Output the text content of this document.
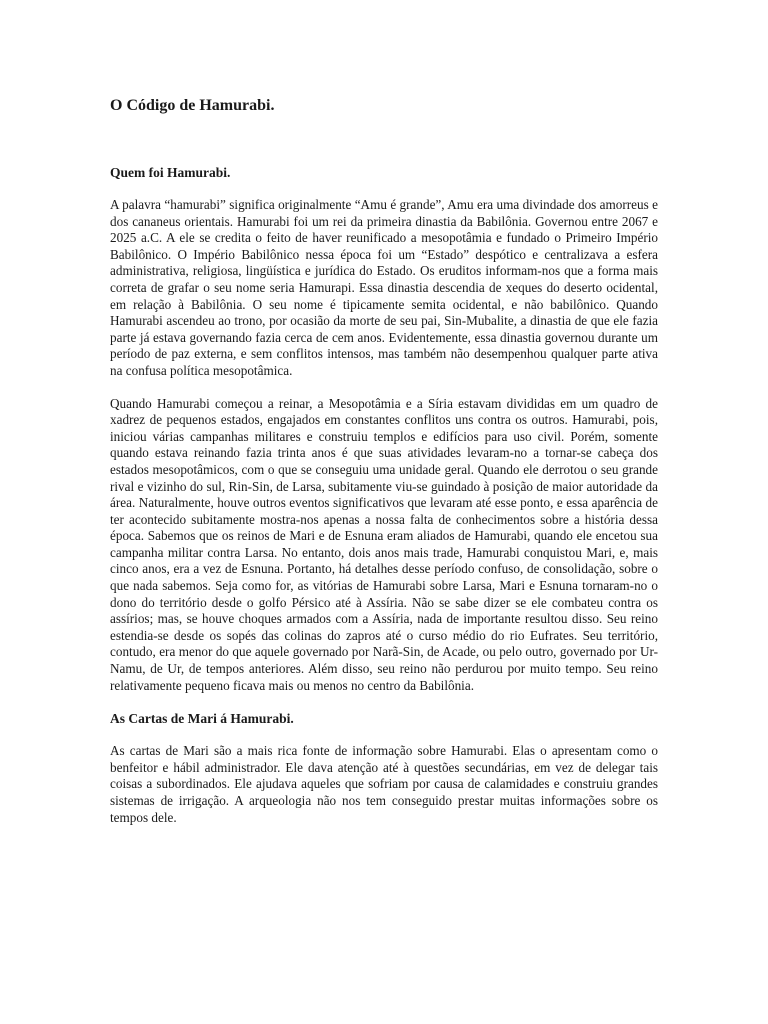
O Código de Hamurabi.
Quem foi Hamurabi.

A palavra “hamurabi” significa originalmente “Amu é grande”, Amu era uma divindade dos amorreus e dos cananeus orientais. Hamurabi foi um rei da primeira dinastia da Babilônia. Governou entre 2067 e 2025 a.C. A ele se credita o feito de haver reunificado a mesopotâmia e fundado o Primeiro Império Babilônico. O Império Babilônico nessa época foi um “Estado” despótico e centralizava a esfera administrativa, religiosa, lingüística e jurídica do Estado. Os eruditos informam-nos que a forma mais correta de grafar o seu nome seria Hamurapi. Essa dinastia descendia de xeques do deserto ocidental, em relação à Babilônia. O seu nome é tipicamente semita ocidental, e não babilônico. Quando Hamurabi ascendeu ao trono, por ocasião da morte de seu pai, Sin-Mubalite, a dinastia de que ele fazia parte já estava governando fazia cerca de cem anos. Evidentemente, essa dinastia governou durante um período de paz externa, e sem conflitos intensos, mas também não desempenhou qualquer parte ativa na confusa política mesopotâmica.

Quando Hamurabi começou a reinar, a Mesopotâmia e a Síria estavam divididas em um quadro de xadrez de pequenos estados, engajados em constantes conflitos uns contra os outros. Hamurabi, pois, iniciou várias campanhas militares e construiu templos e edifícios para uso civil. Porém, somente quando estava reinando fazia trinta anos é que suas atividades levaram-no a tornar-se cabeça dos estados mesopotâmicos, com o que se conseguiu uma unidade geral. Quando ele derrotou o seu grande rival e vizinho do sul, Rin-Sin, de Larsa, subitamente viu-se guindado à posição de maior autoridade da área. Naturalmente, houve outros eventos significativos que levaram até esse ponto, e essa aparência de ter acontecido subitamente mostra-nos apenas a nossa falta de conhecimentos sobre a história dessa época. Sabemos que os reinos de Mari e de Esnuna eram aliados de Hamurabi, quando ele encetou sua campanha militar contra Larsa. No entanto, dois anos mais trade, Hamurabi conquistou Mari, e, mais cinco anos, era a vez de Esnuna. Portanto, há detalhes desse período confuso, de consolidação, sobre o que nada sabemos. Seja como for, as vitórias de Hamurabi sobre Larsa, Mari e Esnuna tornaram-no o dono do território desde o golfo Pérsico até à Assíria. Não se sabe dizer se ele combateu contra os assírios; mas, se houve choques armados com a Assíria, nada de importante resultou disso. Seu reino estendia-se desde os sopés das colinas do zapros até o curso médio do rio Eufrates. Seu território, contudo, era menor do que aquele governado por Narã-Sin, de Acade, ou pelo outro, governado por Ur-Namu, de Ur, de tempos anteriores. Além disso, seu reino não perdurou por muito tempo. Seu reino relativamente pequeno ficava mais ou menos no centro da Babilônia.

As Cartas de Mari á Hamurabi.

As cartas de Mari são a mais rica fonte de informação sobre Hamurabi. Elas o apresentam como o benfeitor e hábil administrador. Ele dava atenção até à questões secundárias, em vez de delegar tais coisas a subordinados. Ele ajudava aqueles que sofriam por causa de calamidades e construiu grandes sistemas de irrigação. A arqueologia não nos tem conseguido prestar muitas informações sobre os tempos dele.
